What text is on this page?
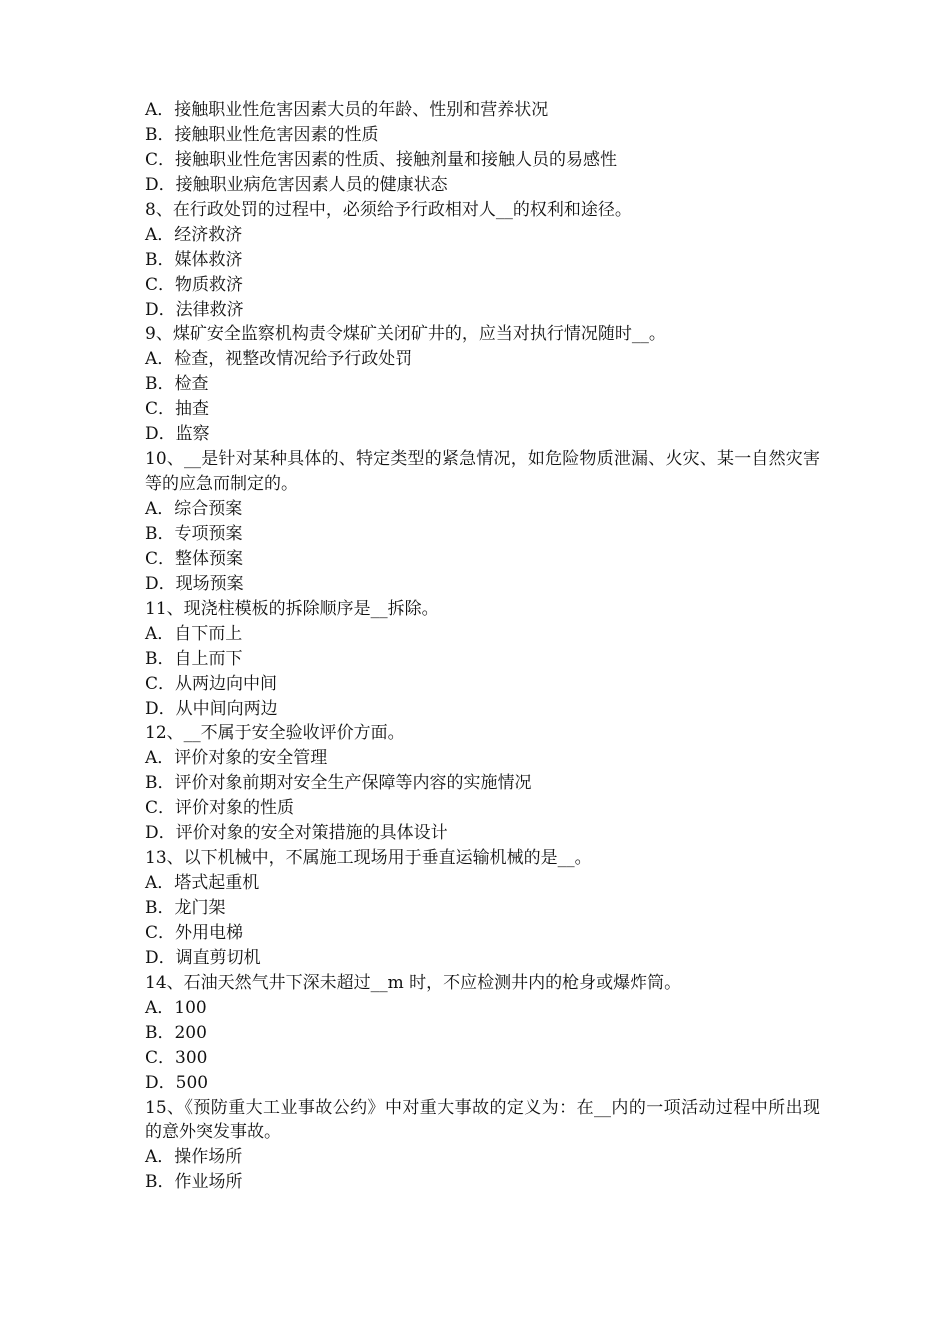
A．接触职业性危害因素大员的年龄、性别和营养状况
B．接触职业性危害因素的性质
C．接触职业性危害因素的性质、接触剂量和接触人员的易感性
D．接触职业病危害因素人员的健康状态
8、在行政处罚的过程中，必须给予行政相对人__的权利和途径。
A．经济救济
B．媒体救济
C．物质救济
D．法律救济
9、煤矿安全监察机构责令煤矿关闭矿井的，应当对执行情况随时__。
A．检查，视整改情况给予行政处罚
B．检查
C．抽查
D．监察
10、__是针对某种具体的、特定类型的紧急情况，如危险物质泄漏、火灾、某一自然灾害等的应急而制定的。
A．综合预案
B．专项预案
C．整体预案
D．现场预案
11、现浇柱模板的拆除顺序是__拆除。
A．自下而上
B．自上而下
C．从两边向中间
D．从中间向两边
12、__不属于安全验收评价方面。
A．评价对象的安全管理
B．评价对象前期对安全生产保障等内容的实施情况
C．评价对象的性质
D．评价对象的安全对策措施的具体设计
13、以下机械中，不属施工现场用于垂直运输机械的是__。
A．塔式起重机
B．龙门架
C．外用电梯
D．调直剪切机
14、石油天然气井下深未超过__m 时，不应检测井内的枪身或爆炸筒。
A．100
B．200
C．300
D．500
15、《预防重大工业事故公约》中对重大事故的定义为：在__内的一项活动过程中所出现的意外突发事故。
A．操作场所
B．作业场所
